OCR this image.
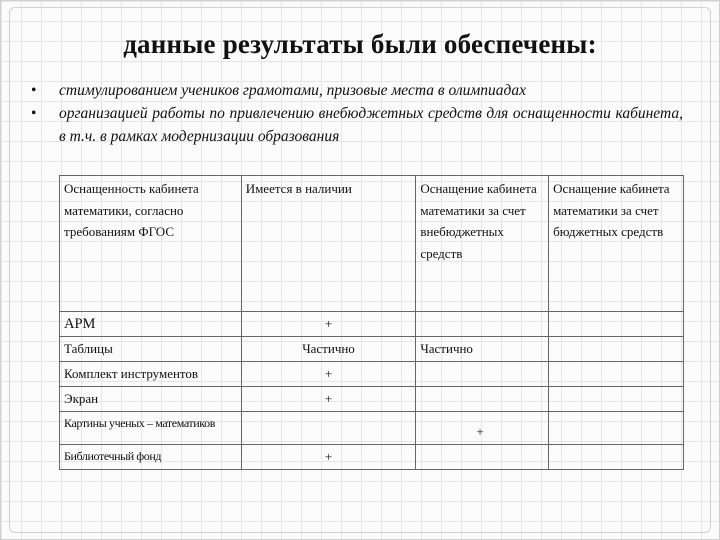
данные результаты были обеспечены:
• стимулированием учеников грамотами, призовые места в олимпиадах
• организацией работы по привлечению внебюджетных средств для оснащенности кабинета, в т.ч. в рамках модернизации образования
Оснащенность кабинета математики, согласно требованиям ФГОС	Имеется в наличии	Оснащение кабинета математики за счет внебюджетных средств	Оснащение кабинета математики за счет бюджетных средств
АРМ	+		
Таблицы	Частично	Частично	
Комплект инструментов	+		
Экран	+		
Картины ученых – математиков		+	
Библиотечный фонд	+		
